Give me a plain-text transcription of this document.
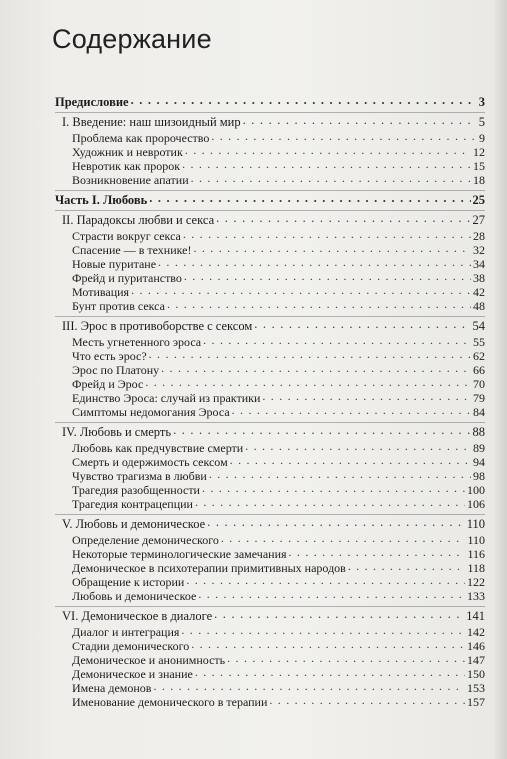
Содержание
Предисловие . . .	3
I. Введение: наш шизоидный мир . . .	5
Проблема как пророчество . . .	9
Художник и невротик . . .	12
Невротик как пророк . . .	15
Возникновение апатии . . .	18
Часть I. Любовь . . .	25
II. Парадоксы любви и секса . . .	27
Страсти вокруг секса . . .	28
Спасение — в технике! . . .	32
Новые пуритане . . .	34
Фрейд и пуританство . . .	38
Мотивация . . .	42
Бунт против секса . . .	48
III. Эрос в противоборстве с сексом . . .	54
Месть угнетенного эроса . . .	55
Что есть эрос? . . .	62
Эрос по Платону . . .	66
Фрейд и Эрос . . .	70
Единство Эроса: случай из практики . . .	79
Симптомы недомогания Эроса . . .	84
IV. Любовь и смерть . . .	88
Любовь как предчувствие смерти . . .	89
Смерть и одержимость сексом . . .	94
Чувство трагизма в любви . . .	98
Трагедия разобщенности . . .	100
Трагедия контрацепции . . .	106
V. Любовь и демоническое . . .	110
Определение демонического . . .	110
Некоторые терминологические замечания . . .	116
Демоническое в психотерапии примитивных народов . . .	118
Обращение к истории . . .	122
Любовь и демоническое . . .	133
VI. Демоническое в диалоге . . .	141
Диалог и интеграция . . .	142
Стадии демонического . . .	146
Демоническое и анонимность . . .	147
Демоническое и знание . . .	150
Имена демонов . . .	153
Именование демонического в терапии . . .	157
